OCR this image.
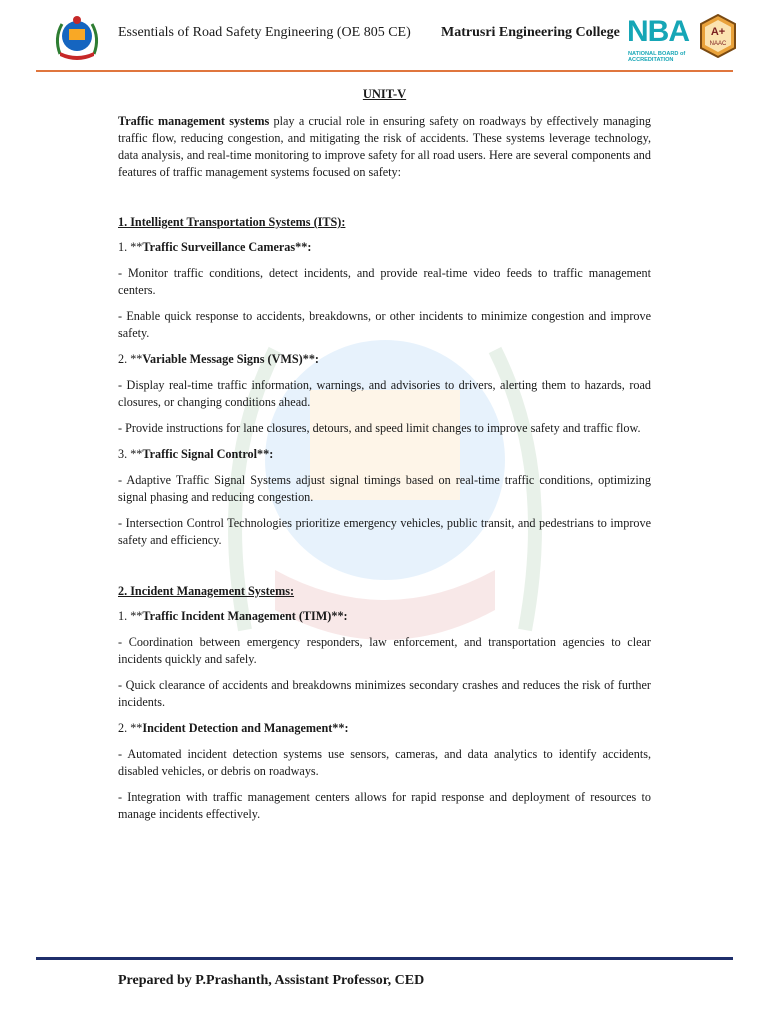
Essentials of Road Safety Engineering (OE 805 CE) Matrusri Engineering College NBA
NATIONAL BOARD of ACCREDITATION
A+
NAAC
UNIT-V

Traffic management systems play a crucial role in ensuring safety on roadways by effectively managing traffic flow, reducing congestion, and mitigating the risk of accidents. These systems leverage technology, data analysis, and real-time monitoring to improve safety for all road users. Here are several components and features of traffic management systems focused on safety:

1. Intelligent Transportation Systems (ITS):

1. **Traffic Surveillance Cameras**:

- Monitor traffic conditions, detect incidents, and provide real-time video feeds to traffic management centers.

- Enable quick response to accidents, breakdowns, or other incidents to minimize congestion and improve safety.

2. **Variable Message Signs (VMS)**:

- Display real-time traffic information, warnings, and advisories to drivers, alerting them to hazards, road closures, or changing conditions ahead.

- Provide instructions for lane closures, detours, and speed limit changes to improve safety and traffic flow.

3. **Traffic Signal Control**:

- Adaptive Traffic Signal Systems adjust signal timings based on real-time traffic conditions, optimizing signal phasing and reducing congestion.

- Intersection Control Technologies prioritize emergency vehicles, public transit, and pedestrians to improve safety and efficiency.

2. Incident Management Systems:

1. **Traffic Incident Management (TIM)**:

- Coordination between emergency responders, law enforcement, and transportation agencies to clear incidents quickly and safely.

- Quick clearance of accidents and breakdowns minimizes secondary crashes and reduces the risk of further incidents.

2. **Incident Detection and Management**:

- Automated incident detection systems use sensors, cameras, and data analytics to identify accidents, disabled vehicles, or debris on roadways.

- Integration with traffic management centers allows for rapid response and deployment of resources to manage incidents effectively.

Prepared by P.Prashanth, Assistant Professor, CED
